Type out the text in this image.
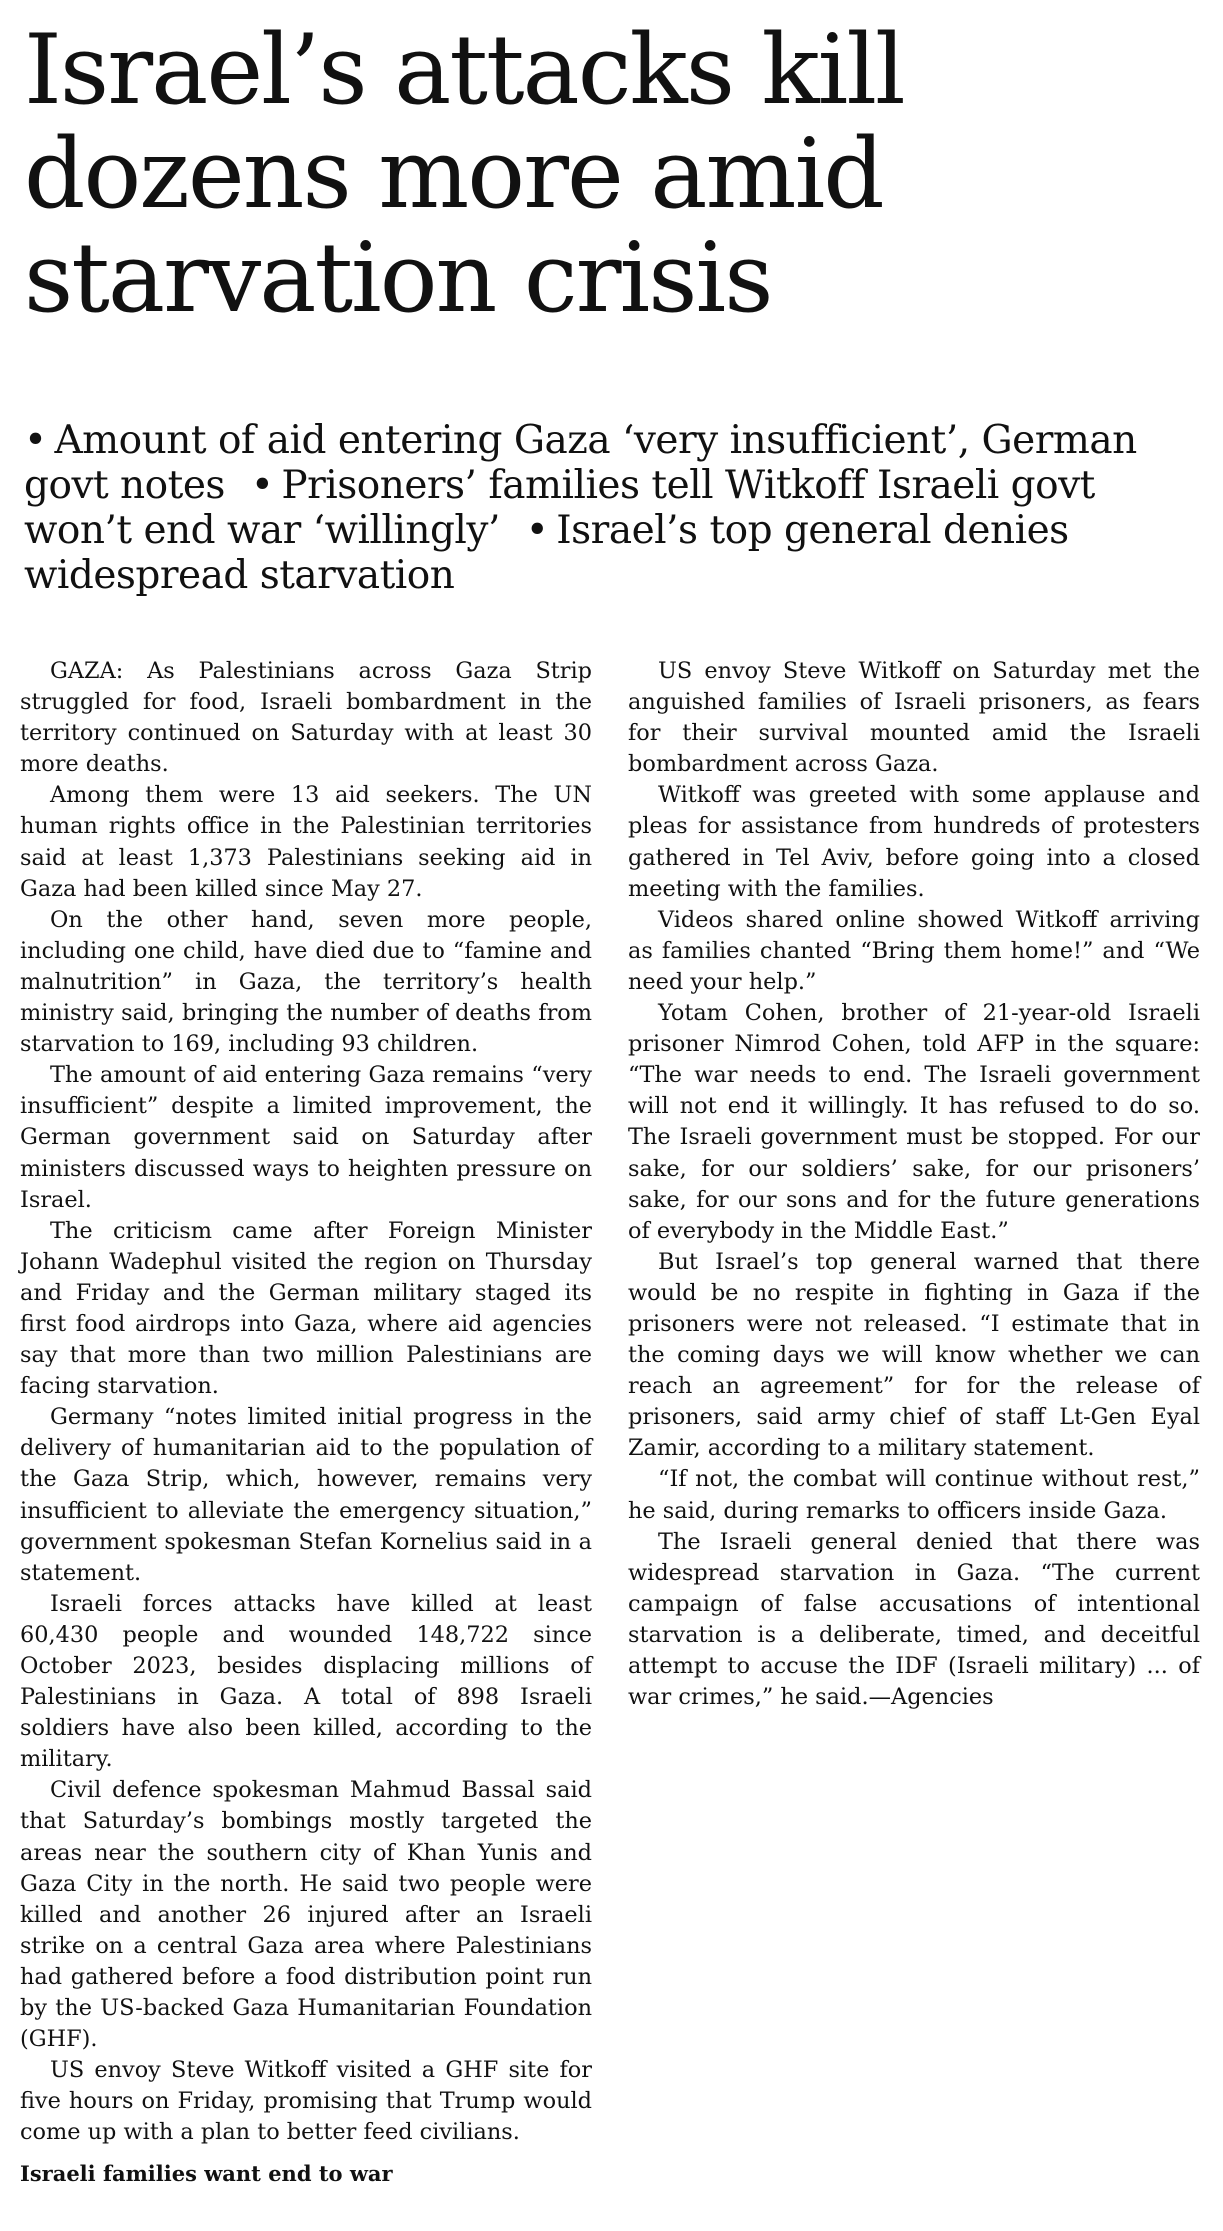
Israel’s attacks kill dozens more amid starvation crisis

• Amount of aid entering Gaza ‘very insufficient’, German govt notes • Prisoners’ families tell Witkoff Israeli govt won’t end war ‘willingly’ • Israel’s top general denies widespread starvation

GAZA: As Palestinians across Gaza Strip struggled for food, Israeli bombardment in the territory continued on Saturday with at least 30 more deaths.

Among them were 13 aid seekers. The UN human rights office in the Palestinian territories said at least 1,373 Palestinians seeking aid in Gaza had been killed since May 27.

On the other hand, seven more people, including one child, have died due to “famine and malnutrition” in Gaza, the territory’s health ministry said, bringing the number of deaths from starvation to 169, including 93 children.

The amount of aid entering Gaza remains “very insufficient” despite a limited improvement, the German government said on Saturday after ministers discussed ways to heighten pressure on Israel.

The criticism came after Foreign Minister Johann Wadephul visited the region on Thursday and Friday and the German military staged its first food airdrops into Gaza, where aid agencies say that more than two million Palestinians are facing starvation.

Germany “notes limited initial progress in the delivery of humanitarian aid to the population of the Gaza Strip, which, however, remains very insufficient to alleviate the emergency situation,” government spokesman Stefan Kornelius said in a statement.

Israeli forces attacks have killed at least 60,430 people and wounded 148,722 since October 2023, besides displacing millions of Palestinians in Gaza. A total of 898 Israeli soldiers have also been killed, according to the military.

Civil defence spokesman Mahmud Bassal said that Saturday’s bombings mostly targeted the areas near the southern city of Khan Yunis and Gaza City in the north. He said two people were killed and another 26 injured after an Israeli strike on a central Gaza area where Palestinians had gathered before a food distribution point run by the US-backed Gaza Humanitarian Foundation (GHF).

US envoy Steve Witkoff visited a GHF site for five hours on Friday, promising that Trump would come up with a plan to better feed civilians.

Israeli families want end to war

US envoy Steve Witkoff on Saturday met the anguished families of Israeli prisoners, as fears for their survival mounted amid the Israeli bombardment across Gaza.

Witkoff was greeted with some applause and pleas for assistance from hundreds of protesters gathered in Tel Aviv, before going into a closed meeting with the families.

Videos shared online showed Witkoff arriving as families chanted “Bring them home!” and “We need your help.”

Yotam Cohen, brother of 21-year-old Israeli prisoner Nimrod Cohen, told AFP in the square: “The war needs to end. The Israeli government will not end it willingly. It has refused to do so. The Israeli government must be stopped. For our sake, for our soldiers’ sake, for our prisoners’ sake, for our sons and for the future generations of everybody in the Middle East.”

But Israel’s top general warned that there would be no respite in fighting in Gaza if the prisoners were not released. “I estimate that in the coming days we will know whether we can reach an agreement” for for the release of prisoners, said army chief of staff Lt-Gen Eyal Zamir, according to a military statement.

“If not, the combat will continue without rest,” he said, during remarks to officers inside Gaza.

The Israeli general denied that there was widespread starvation in Gaza. “The current campaign of false accusations of intentional starvation is a deliberate, timed, and deceitful attempt to accuse the IDF (Israeli military) ... of war crimes,” he said.—Agencies
